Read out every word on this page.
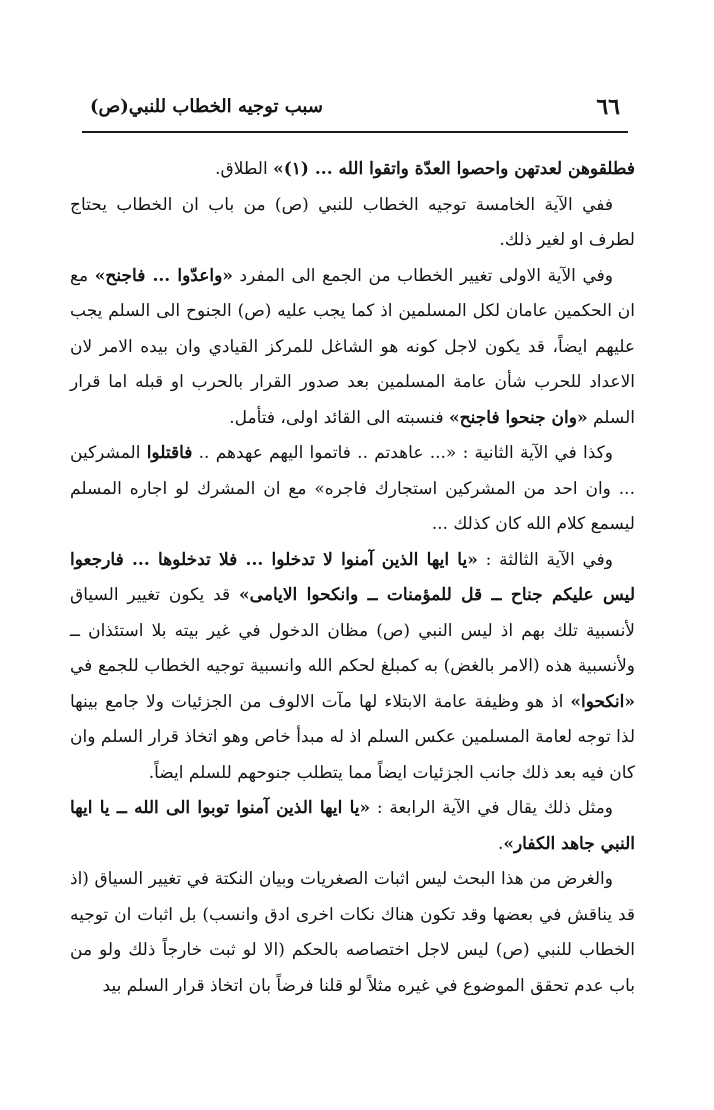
٦٦
سبب توجيه الخطاب للنبي(ص)

فطلقوهن لعدتهن واحصوا العدّة واتقوا الله ... (١)» الطلاق.

ففي الآية الخامسة توجيه الخطاب للنبي (ص) من باب ان الخطاب يحتاج لطرف او لغير ذلك.

وفي الآية الاولى تغيير الخطاب من الجمع الى المفرد «واعدّوا ... فاجنح» مع ان الحكمين عامان لكل المسلمين اذ كما يجب عليه (ص) الجنوح الى السلم يجب عليهم ايضاً، قد يكون لاجل كونه هو الشاغل للمركز القيادي وان بيده الامر لان الاعداد للحرب شأن عامة المسلمين بعد صدور القرار بالحرب او قبله اما قرار السلم «وان جنحوا فاجنح» فنسبته الى القائد اولى، فتأمل.

وكذا في الآية الثانية : «... عاهدتم .. فاتموا اليهم عهدهم .. فاقتلوا المشركين ... وان احد من المشركين استجارك فاجره» مع ان المشرك لو اجاره المسلم ليسمع كلام الله كان كذلك ...

وفي الآية الثالثة : «يا ايها الذين آمنوا لا تدخلوا ... فلا تدخلوها ... فارجعوا ليس عليكم جناح ــ قل للمؤمنات ــ وانكحوا الايامى» قد يكون تغيير السياق لأنسبية تلك بهم اذ ليس النبي (ص) مظان الدخول في غير بيته بلا استئذان ــ ولأنسبية هذه (الامر بالغض) به كمبلغ لحكم الله وانسبية توجيه الخطاب للجمع في «انكحوا» اذ هو وظيفة عامة الابتلاء لها مآت الالوف من الجزئيات ولا جامع بينها لذا توجه لعامة المسلمين عكس السلم اذ له مبدأ خاص وهو اتخاذ قرار السلم وان كان فيه بعد ذلك جانب الجزئيات ايضاً مما يتطلب جنوحهم للسلم ايضاً.

ومثل ذلك يقال في الآية الرابعة : «يا ايها الذين آمنوا توبوا الى الله ــ يا ايها النبي جاهد الكفار».

والغرض من هذا البحث ليس اثبات الصغريات وبيان النكتة في تغيير السياق (اذ قد يناقش في بعضها وقد تكون هناك نكات اخرى ادق وانسب) بل اثبات ان توجيه الخطاب للنبي (ص) ليس لاجل اختصاصه بالحكم (الا لو ثبت خارجاً ذلك ولو من باب عدم تحقق الموضوع في غيره مثلاً لو قلنا فرضاً بان اتخاذ قرار السلم بيد
